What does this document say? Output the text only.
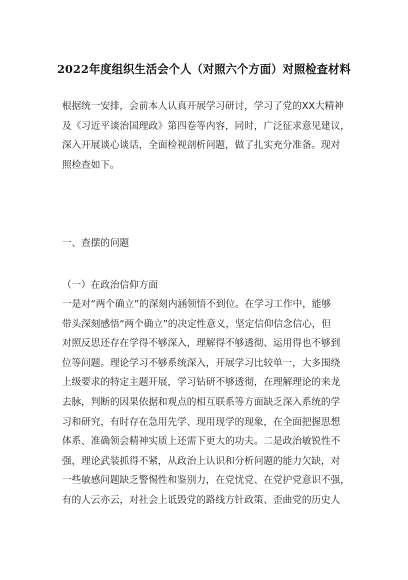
2022年度组织生活会个人（对照六个方面）对照检查材料
根据统一安排，会前本人认真开展学习研讨，学习了党的XX大精神
及《习近平谈治国理政》第四卷等内容，同时，广泛征求意见建议，
深入开展谈心谈话，全面检视剖析问题，做了扎实充分准备。现对
照检查如下。
一、查摆的问题
（一）在政治信仰方面
一是对“两个确立”的深刻内涵领悟不到位。在学习工作中，能够
带头深刻感悟“两个确立”的决定性意义，坚定信仰信念信心，但
对照反思还存在学得不够深入，理解得不够透彻、运用得也不够到
位等问题。理论学习不够系统深入，开展学习比较单一，大多围绕
上级要求的特定主题开展，学习钻研不够透彻，在理解理论的来龙
去脉，判断的因果依据和观点的相互联系等方面缺乏深入系统的学
习和研究，有时存在急用先学、现用现学的现象，在全面把握思想
体系、准确领会精神实质上还需下更大的功夫。二是政治敏锐性不
强，理论武装抓得不紧，从政治上认识和分析问题的能力欠缺，对
一些敏感问题缺乏警惕性和鉴别力，在党忧党、在党护党意识不强，
有的人云亦云，对社会上诋毁党的路线方针政策、歪曲党的历史人
